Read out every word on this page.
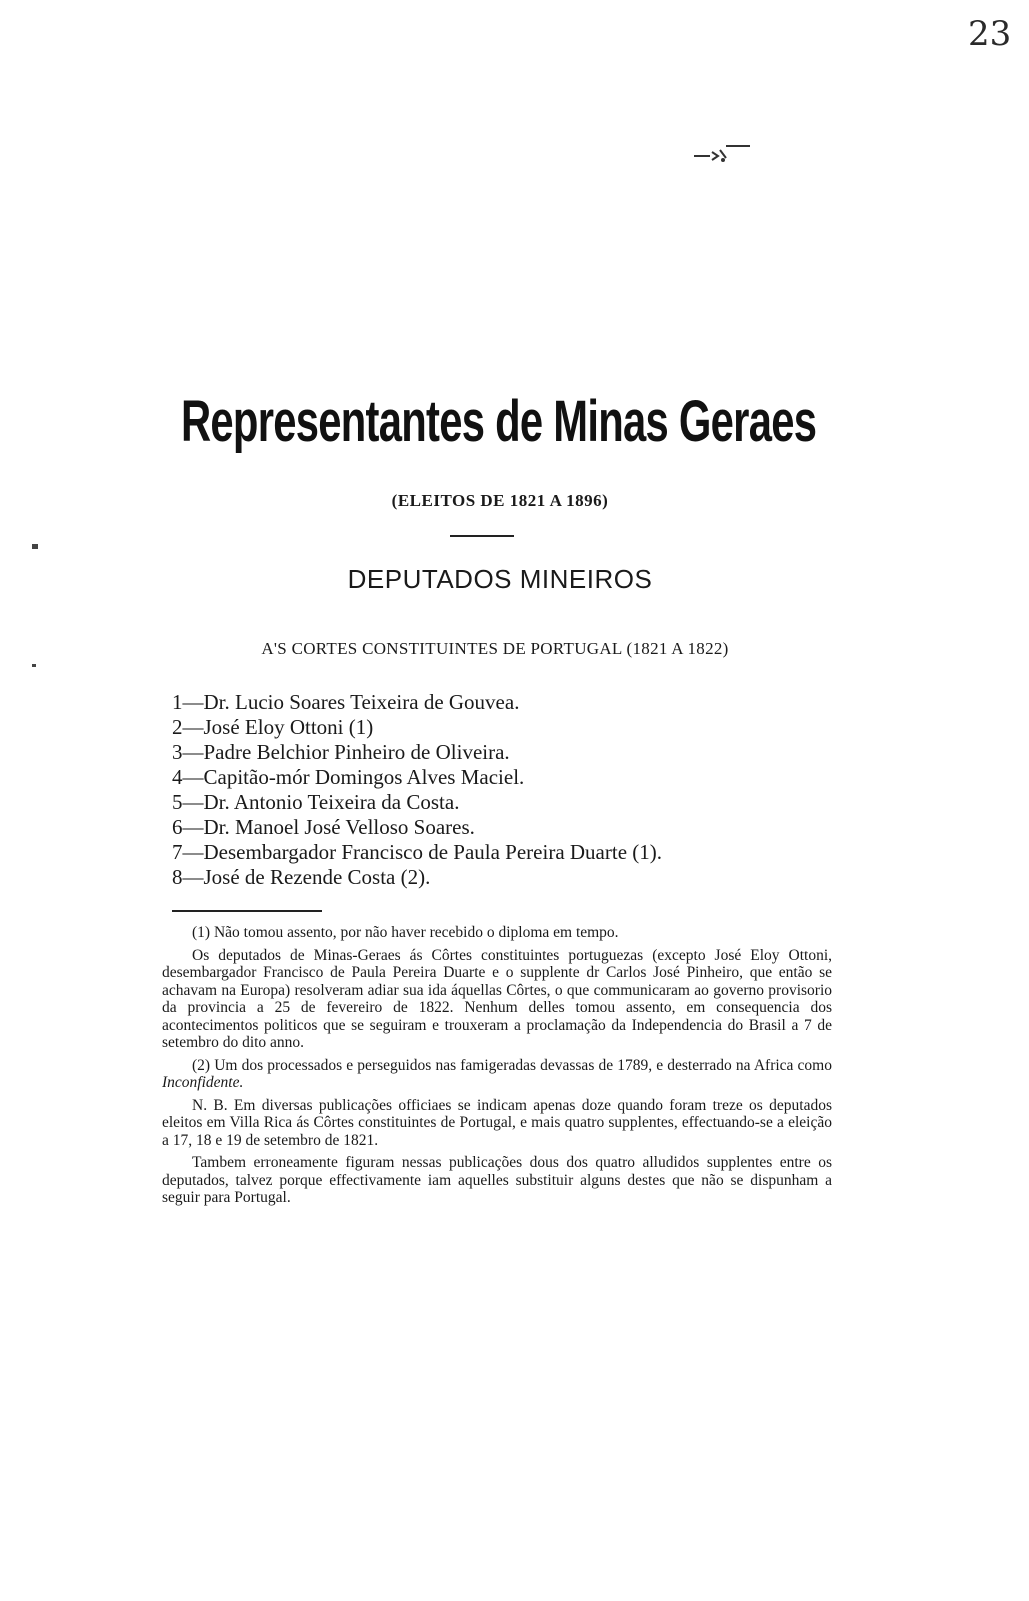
23
Representantes de Minas Geraes
(ELEITOS DE 1821 A 1896)
DEPUTADOS MINEIROS
A'S CORTES CONSTITUINTES DE PORTUGAL (1821 A 1822)
1—Dr. Lucio Soares Teixeira de Gouvea.
2—José Eloy Ottoni (1)
3—Padre Belchior Pinheiro de Oliveira.
4—Capitão-mór Domingos Alves Maciel.
5—Dr. Antonio Teixeira da Costa.
6—Dr. Manoel José Velloso Soares.
7—Desembargador Francisco de Paula Pereira Duarte (1).
8—José de Rezende Costa (2).

(1) Não tomou assento, por não haver recebido o diploma em tempo.

Os deputados de Minas-Geraes ás Côrtes constituintes portuguezas (excepto José Eloy Ottoni, desembargador Francisco de Paula Pereira Duarte e o supplente dr Carlos José Pinheiro, que então se achavam na Europa) resolveram adiar sua ida áquellas Côrtes, o que communicaram ao governo provisorio da provincia a 25 de fevereiro de 1822. Nenhum delles tomou assento, em consequencia dos acontecimentos politicos que se seguiram e trouxeram a proclamação da Independencia do Brasil a 7 de setembro do dito anno.

(2) Um dos processados e perseguidos nas famigeradas devassas de 1789, e desterrado na Africa como Inconfidente.

N. B. Em diversas publicações officiaes se indicam apenas doze quando foram treze os deputados eleitos em Villa Rica ás Côrtes constituintes de Portugal, e mais quatro supplentes, effectuando-se a eleição a 17, 18 e 19 de setembro de 1821.

Tambem erroneamente figuram nessas publicações dous dos quatro alludidos supplentes entre os deputados, talvez porque effectivamente iam aquelles substituir alguns destes que não se dispunham a seguir para Portugal.
